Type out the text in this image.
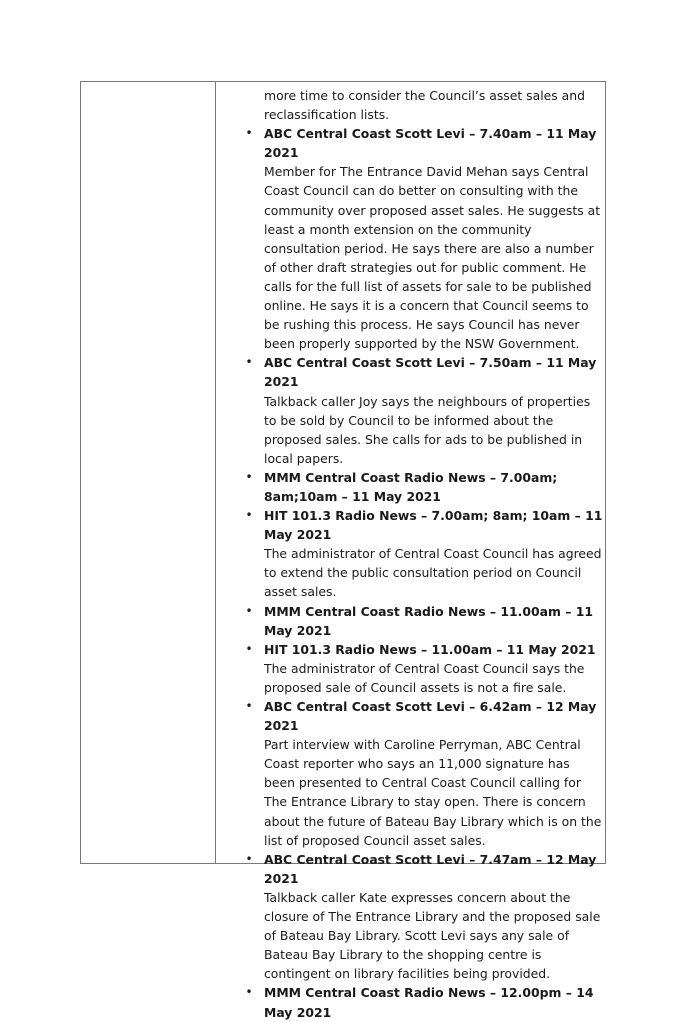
more time to consider the Council’s asset sales and reclassification lists.

• ABC Central Coast Scott Levi – 7.40am – 11 May 2021

Member for The Entrance David Mehan says Central Coast Council can do better on consulting with the community over proposed asset sales. He suggests at least a month extension on the community consultation period. He says there are also a number of other draft strategies out for public comment. He calls for the full list of assets for sale to be published online. He says it is a concern that Council seems to be rushing this process. He says Council has never been properly supported by the NSW Government.

• ABC Central Coast Scott Levi – 7.50am – 11 May 2021

Talkback caller Joy says the neighbours of properties to be sold by Council to be informed about the proposed sales. She calls for ads to be published in local papers.

• MMM Central Coast Radio News – 7.00am; 8am;10am – 11 May 2021

• HIT 101.3 Radio News – 7.00am; 8am; 10am – 11 May 2021

The administrator of Central Coast Council has agreed to extend the public consultation period on Council asset sales.

• MMM Central Coast Radio News – 11.00am – 11 May 2021

• HIT 101.3 Radio News – 11.00am – 11 May 2021

The administrator of Central Coast Council says the proposed sale of Council assets is not a fire sale.

• ABC Central Coast Scott Levi – 6.42am – 12 May 2021

Part interview with Caroline Perryman, ABC Central Coast reporter who says an 11,000 signature has been presented to Central Coast Council calling for The Entrance Library to stay open. There is concern about the future of Bateau Bay Library which is on the list of proposed Council asset sales.

• ABC Central Coast Scott Levi – 7.47am – 12 May 2021

Talkback caller Kate expresses concern about the closure of The Entrance Library and the proposed sale of Bateau Bay Library. Scott Levi says any sale of Bateau Bay Library to the shopping centre is contingent on library facilities being provided.

• MMM Central Coast Radio News – 12.00pm – 14 May 2021
